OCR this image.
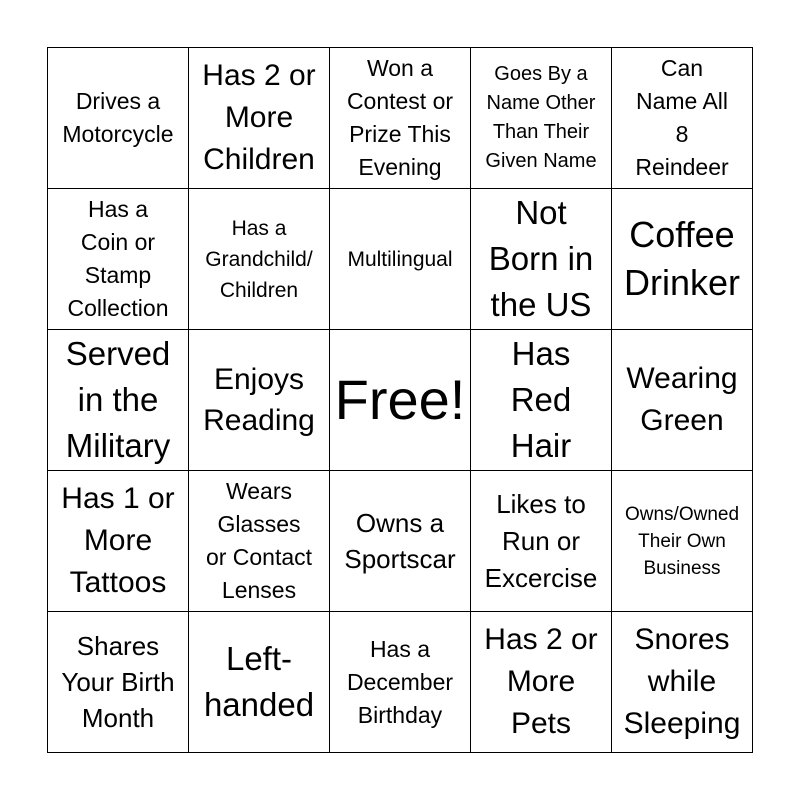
Drives a
Motorcycle
Has 2 or
More
Children
Won a
Contest or
Prize This
Evening
Goes By a
Name Other
Than Their
Given Name
Can
Name All
8
Reindeer
Has a
Coin or
Stamp
Collection
Has a
Grandchild/
Children
Multilingual
Not
Born in
the US
Coffee
Drinker
Served
in the
Military
Enjoys
Reading Free!
Has
Red
Hair
Wearing
Green
Has 1 or
More
Tattoos
Wears
Glasses
or Contact
Lenses
Owns a
Sportscar
Likes to
Run or
Excercise
Owns/Owned
Their Own
Business
Shares
Your Birth
Month
Left-
handed
Has a
December
Birthday
Has 2 or
More
Pets
Snores
while
Sleeping
